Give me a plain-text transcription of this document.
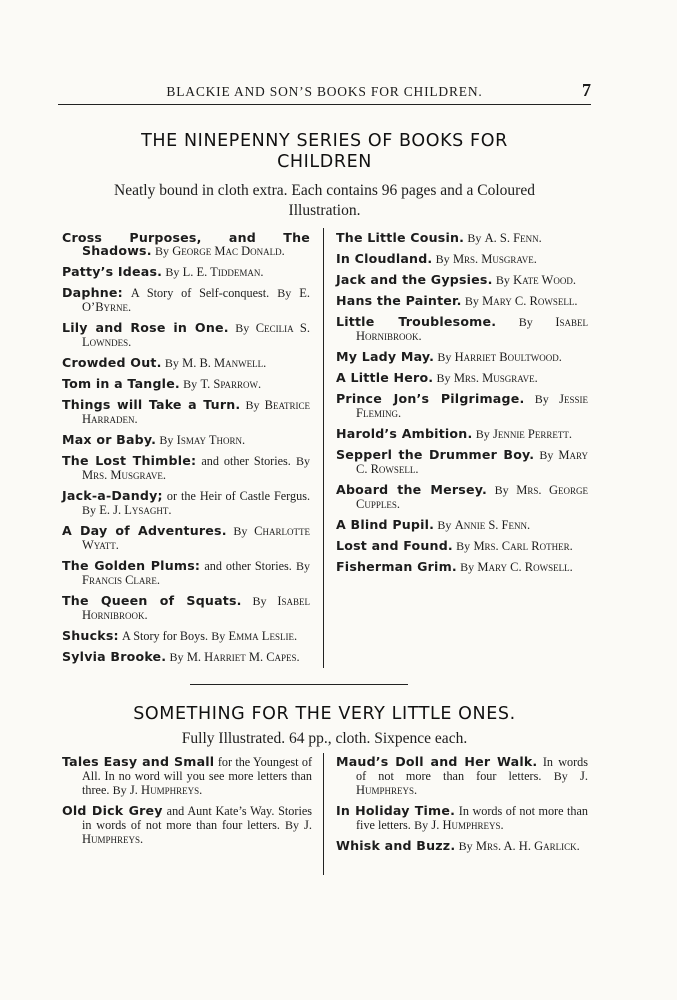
BLACKIE AND SON’S BOOKS FOR CHILDREN.	7
THE NINEPENNY SERIES OF BOOKS FOR
CHILDREN
Neatly bound in cloth extra. Each contains 96 pages and a Coloured
Illustration.
Cross Purposes, and The Shadows. By George Mac Donald.
Patty’s Ideas. By L. E. Tiddeman.
Daphne: A Story of Self-conquest. By E. O’Byrne.
Lily and Rose in One. By Cecilia S. Lowndes.
Crowded Out. By M. B. Manwell.
Tom in a Tangle. By T. Sparrow.
Things will Take a Turn. By Beatrice Harraden.
Max or Baby. By Ismay Thorn.
The Lost Thimble: and other Stories. By Mrs. Musgrave.
Jack-a-Dandy; or the Heir of Castle Fergus. By E. J. Lysaght.
A Day of Adventures. By Charlotte Wyatt.
The Golden Plums: and other Stories. By Francis Clare.
The Queen of Squats. By Isabel Hornibrook.
Shucks: A Story for Boys. By Emma Leslie.
Sylvia Brooke. By M. Harriet M. Capes.
The Little Cousin. By A. S. Fenn.
In Cloudland. By Mrs. Musgrave.
Jack and the Gypsies. By Kate Wood.
Hans the Painter. By Mary C. Rowsell.
Little Troublesome. By Isabel Hornibrook.
My Lady May. By Harriet Boultwood.
A Little Hero. By Mrs. Musgrave.
Prince Jon’s Pilgrimage. By Jessie Fleming.
Harold’s Ambition. By Jennie Perrett.
Sepperl the Drummer Boy. By Mary C. Rowsell.
Aboard the Mersey. By Mrs. George Cupples.
A Blind Pupil. By Annie S. Fenn.
Lost and Found. By Mrs. Carl Rother.
Fisherman Grim. By Mary C. Rowsell.
SOMETHING FOR THE VERY LITTLE ONES.
Fully Illustrated. 64 pp., cloth. Sixpence each.
Tales Easy and Small for the Youngest of All. In no word will you see more letters than three. By J. Humphreys.
Old Dick Grey and Aunt Kate’s Way. Stories in words of not more than four letters. By J. Humphreys.
Maud’s Doll and Her Walk. In words of not more than four letters. By J. Humphreys.
In Holiday Time. In words of not more than five letters. By J. Humphreys.
Whisk and Buzz. By Mrs. A. H. Garlick.
